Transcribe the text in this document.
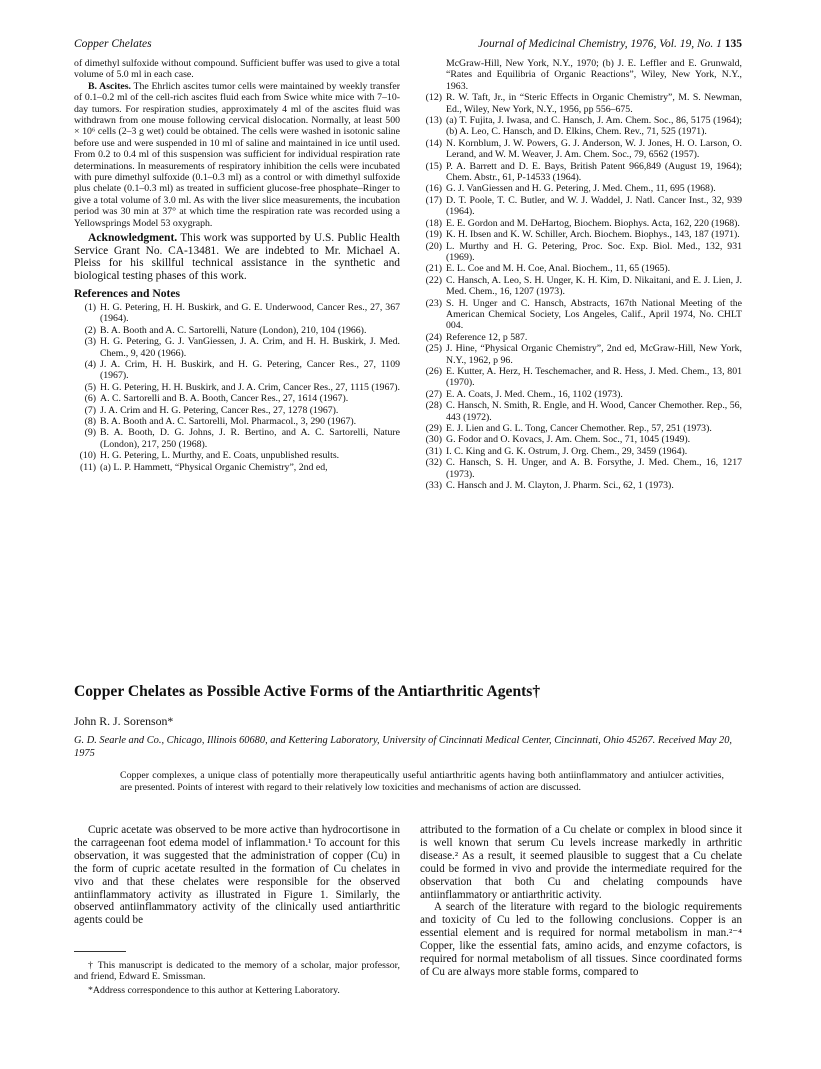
Copper Chelates	Journal of Medicinal Chemistry, 1976, Vol. 19, No. 1 135

of dimethyl sulfoxide without compound. Sufficient buffer was used to give a total volume of 5.0 ml in each case.

B. Ascites. The Ehrlich ascites tumor cells were maintained by weekly transfer of 0.1–0.2 ml of the cell-rich ascites fluid each from Swice white mice with 7–10-day tumors. For respiration studies, approximately 4 ml of the ascites fluid was withdrawn from one mouse following cervical dislocation. Normally, at least 500 × 10⁶ cells (2–3 g wet) could be obtained. The cells were washed in isotonic saline before use and were suspended in 10 ml of saline and maintained in ice until used. From 0.2 to 0.4 ml of this suspension was sufficient for individual respiration rate determinations. In measurements of respiratory inhibition the cells were incubated with pure dimethyl sulfoxide (0.1–0.3 ml) as a control or with dimethyl sulfoxide plus chelate (0.1–0.3 ml) as treated in sufficient glucose-free phosphate–Ringer to give a total volume of 3.0 ml. As with the liver slice measurements, the incubation period was 30 min at 37° at which time the respiration rate was recorded using a Yellowsprings Model 53 oxygraph.

Acknowledgment. This work was supported by U.S. Public Health Service Grant No. CA-13481. We are indebted to Mr. Michael A. Pleiss for his skillful technical assistance in the synthetic and biological testing phases of this work.

References and Notes

(1) H. G. Petering, H. H. Buskirk, and G. E. Underwood, Cancer Res., 27, 367 (1964).

(2) B. A. Booth and A. C. Sartorelli, Nature (London), 210, 104 (1966).

(3) H. G. Petering, G. J. VanGiessen, J. A. Crim, and H. H. Buskirk, J. Med. Chem., 9, 420 (1966).

(4) J. A. Crim, H. H. Buskirk, and H. G. Petering, Cancer Res., 27, 1109 (1967).

(5) H. G. Petering, H. H. Buskirk, and J. A. Crim, Cancer Res., 27, 1115 (1967).

(6) A. C. Sartorelli and B. A. Booth, Cancer Res., 27, 1614 (1967).

(7) J. A. Crim and H. G. Petering, Cancer Res., 27, 1278 (1967).

(8) B. A. Booth and A. C. Sartorelli, Mol. Pharmacol., 3, 290 (1967).

(9) B. A. Booth, D. G. Johns, J. R. Bertino, and A. C. Sartorelli, Nature (London), 217, 250 (1968).

(10) H. G. Petering, L. Murthy, and E. Coats, unpublished results.

(11) (a) L. P. Hammett, “Physical Organic Chemistry”, 2nd ed,

McGraw-Hill, New York, N.Y., 1970; (b) J. E. Leffler and E. Grunwald, “Rates and Equilibria of Organic Reactions”, Wiley, New York, N.Y., 1963.

(12) R. W. Taft, Jr., in “Steric Effects in Organic Chemistry”, M. S. Newman, Ed., Wiley, New York, N.Y., 1956, pp 556–675.

(13) (a) T. Fujita, J. Iwasa, and C. Hansch, J. Am. Chem. Soc., 86, 5175 (1964); (b) A. Leo, C. Hansch, and D. Elkins, Chem. Rev., 71, 525 (1971).

(14) N. Kornblum, J. W. Powers, G. J. Anderson, W. J. Jones, H. O. Larson, O. Lerand, and W. M. Weaver, J. Am. Chem. Soc., 79, 6562 (1957).

(15) P. A. Barrett and D. E. Bays, British Patent 966,849 (August 19, 1964); Chem. Abstr., 61, P-14533 (1964).

(16) G. J. VanGiessen and H. G. Petering, J. Med. Chem., 11, 695 (1968).

(17) D. T. Poole, T. C. Butler, and W. J. Waddel, J. Natl. Cancer Inst., 32, 939 (1964).

(18) E. E. Gordon and M. DeHartog, Biochem. Biophys. Acta, 162, 220 (1968).

(19) K. H. Ibsen and K. W. Schiller, Arch. Biochem. Biophys., 143, 187 (1971).

(20) L. Murthy and H. G. Petering, Proc. Soc. Exp. Biol. Med., 132, 931 (1969).

(21) E. L. Coe and M. H. Coe, Anal. Biochem., 11, 65 (1965).

(22) C. Hansch, A. Leo, S. H. Unger, K. H. Kim, D. Nikaitani, and E. J. Lien, J. Med. Chem., 16, 1207 (1973).

(23) S. H. Unger and C. Hansch, Abstracts, 167th National Meeting of the American Chemical Society, Los Angeles, Calif., April 1974, No. CHLT 004.

(24) Reference 12, p 587.

(25) J. Hine, “Physical Organic Chemistry”, 2nd ed, McGraw-Hill, New York, N.Y., 1962, p 96.

(26) E. Kutter, A. Herz, H. Teschemacher, and R. Hess, J. Med. Chem., 13, 801 (1970).

(27) E. A. Coats, J. Med. Chem., 16, 1102 (1973).

(28) C. Hansch, N. Smith, R. Engle, and H. Wood, Cancer Chemother. Rep., 56, 443 (1972).

(29) E. J. Lien and G. L. Tong, Cancer Chemother. Rep., 57, 251 (1973).

(30) G. Fodor and O. Kovacs, J. Am. Chem. Soc., 71, 1045 (1949).

(31) I. C. King and G. K. Ostrum, J. Org. Chem., 29, 3459 (1964).

(32) C. Hansch, S. H. Unger, and A. B. Forsythe, J. Med. Chem., 16, 1217 (1973).

(33) C. Hansch and J. M. Clayton, J. Pharm. Sci., 62, 1 (1973).

Copper Chelates as Possible Active Forms of the Antiarthritic Agents†
John R. J. Sorenson*
G. D. Searle and Co., Chicago, Illinois 60680, and Kettering Laboratory, University of Cincinnati Medical Center, Cincinnati, Ohio 45267. Received May 20, 1975
Copper complexes, a unique class of potentially more therapeutically useful antiarthritic agents having both antiinflammatory and antiulcer activities, are presented. Points of interest with regard to their relatively low toxicities and mechanisms of action are discussed.

Cupric acetate was observed to be more active than hydrocortisone in the carrageenan foot edema model of inflammation.¹ To account for this observation, it was suggested that the administration of copper (Cu) in the form of cupric acetate resulted in the formation of Cu chelates in vivo and that these chelates were responsible for the observed antiinflammatory activity as illustrated in Figure 1. Similarly, the observed antiinflammatory activity of the clinically used antiarthritic agents could be

attributed to the formation of a Cu chelate or complex in blood since it is well known that serum Cu levels increase markedly in arthritic disease.² As a result, it seemed plausible to suggest that a Cu chelate could be formed in vivo and provide the intermediate required for the observation that both Cu and chelating compounds have antiinflammatory or antiarthritic activity.

A search of the literature with regard to the biologic requirements and toxicity of Cu led to the following conclusions. Copper is an essential element and is required for normal metabolism in man.²⁻⁴ Copper, like the essential fats, amino acids, and enzyme cofactors, is required for normal metabolism of all tissues. Since coordinated forms of Cu are always more stable forms, compared to

† This manuscript is dedicated to the memory of a scholar, major professor, and friend, Edward E. Smissman.

*Address correspondence to this author at Kettering Laboratory.
